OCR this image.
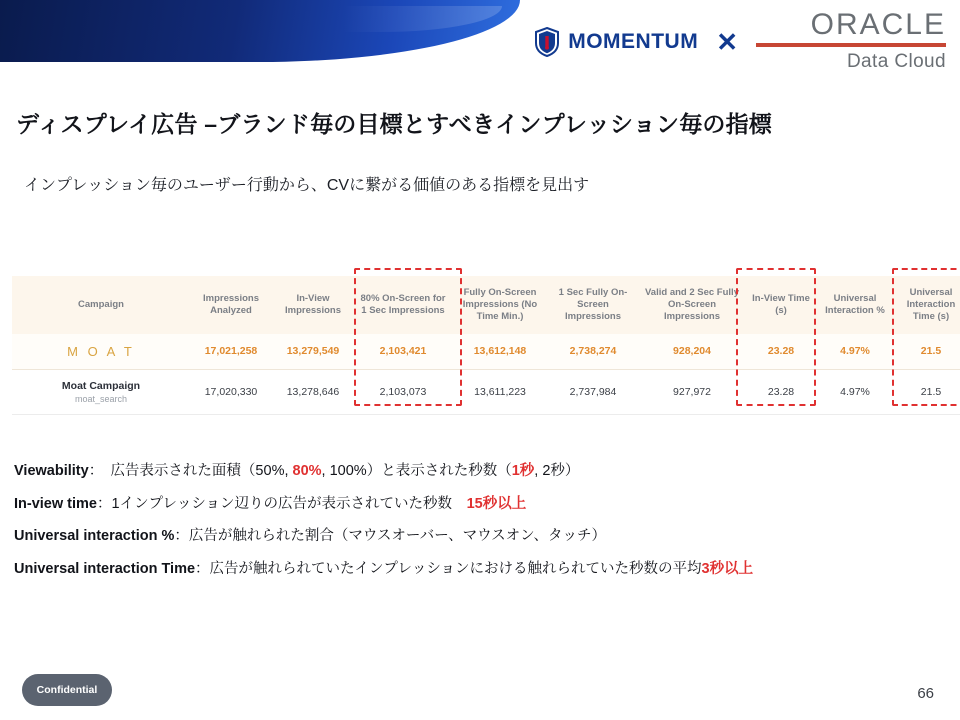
MOMENTUM ✕
ORACLE
Data Cloud
ディスプレイ広告 –ブランド毎の目標とすべきインプレッション毎の指標
インプレッション毎のユーザー行動から、CVに繋がる価値のある指標を見出す
Campaign	Impressions Analyzed	In-View Impressions	80% On-Screen for 1 Sec Impressions	Fully On-Screen Impressions (No Time Min.)	1 Sec Fully On-Screen Impressions	Valid and 2 Sec Fully On-Screen Impressions	In-View Time (s)	Universal Interaction %	Universal Interaction Time (s)
M O A T	17,021,258	13,279,549	2,103,421	13,612,148	2,738,274	928,204	23.28	4.97%	21.5

Moat Campaign
moat_search	17,020,330	13,278,646	2,103,073	13,611,223	2,737,984	927,972	23.28	4.97%	21.5
Viewability：　 広告表示された面積（50%, 80%, 100%）と表示された秒数（1秒, 2秒）
In-view time：1インプレッション辺りの広告が表示されていた秒数　15秒以上
Universal interaction %：広告が触れられた割合（マウスオーバー、マウスオン、タッチ）
Universal interaction Time：広告が触れられていたインプレッションにおける触れられていた秒数の平均3秒以上
Confidential	66
